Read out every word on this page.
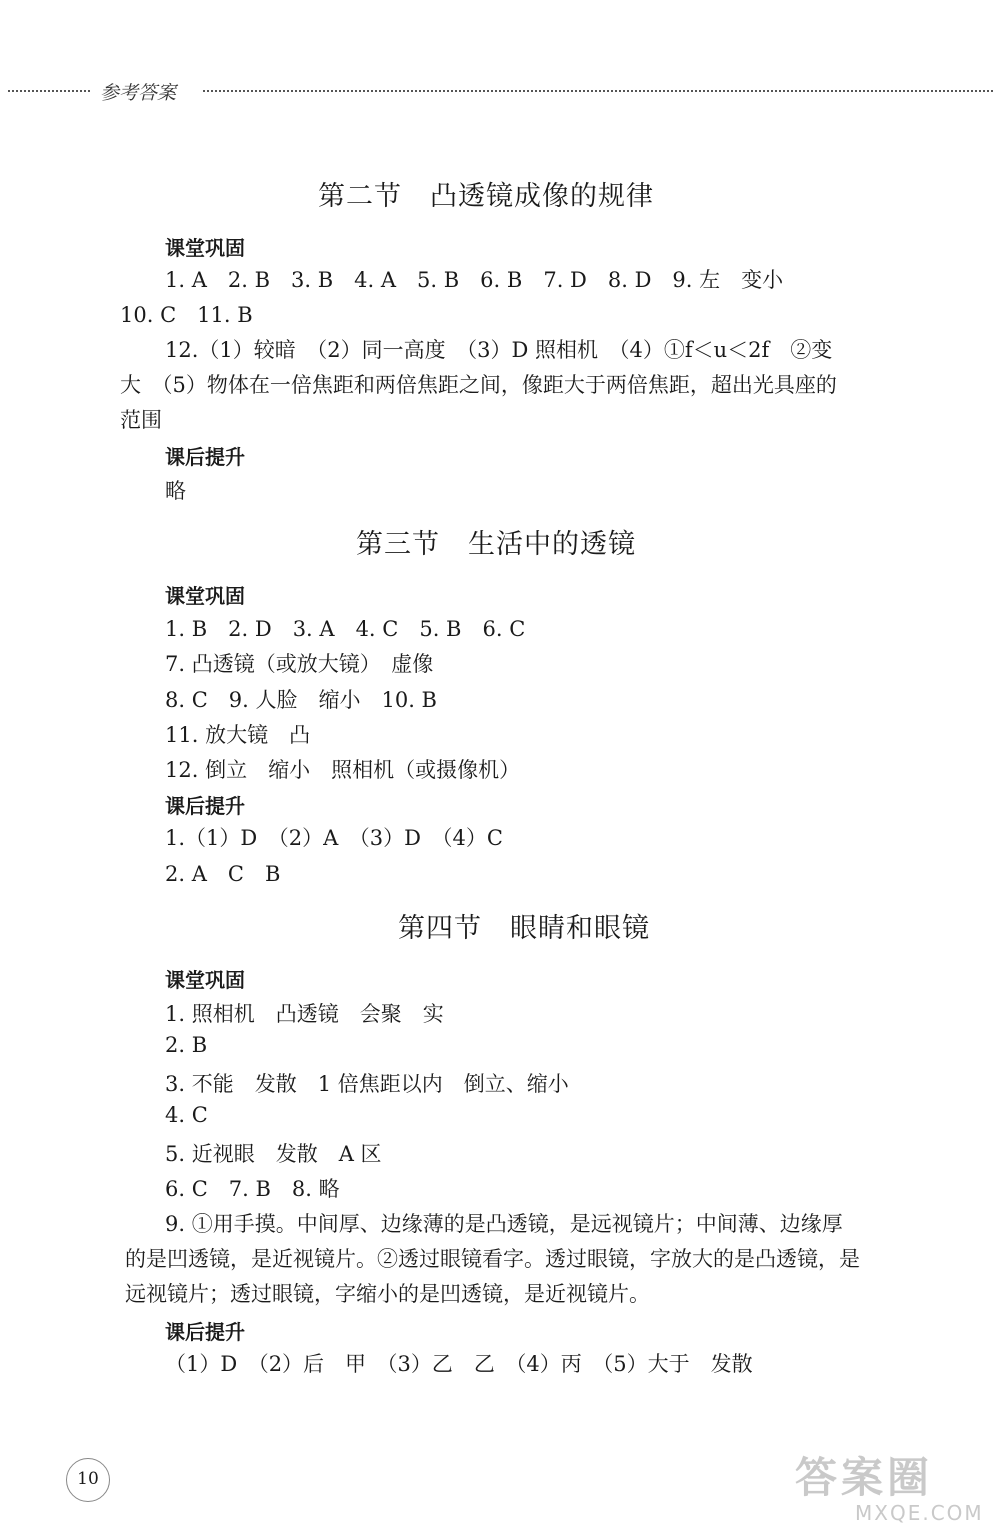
参考答案
第二节　凸透镜成像的规律
课堂巩固
1. A　2. B　3. B　4. A　5. B　6. B　7. D　8. D　9. 左　变小
10. C　11. B
12.（1）较暗　（2）同一高度　（3）D 照相机　（4）①f＜u＜2f　②变
大　（5）物体在一倍焦距和两倍焦距之间，像距大于两倍焦距，超出光具座的
范围
课后提升
略
第三节　生活中的透镜
课堂巩固
1. B　2. D　3. A　4. C　5. B　6. C
7. 凸透镜（或放大镜）　虚像
8. C　9. 人脸　缩小　10. B
11. 放大镜　凸
12. 倒立　缩小　照相机（或摄像机）
课后提升
1.（1）D　（2）A　（3）D　（4）C
2. A　C　B
第四节　眼睛和眼镜
课堂巩固
1. 照相机　凸透镜　会聚　实
2. B
3. 不能　发散　1 倍焦距以内　倒立、缩小
4. C
5. 近视眼　发散　A 区
6. C　7. B　8. 略
9. ①用手摸。中间厚、边缘薄的是凸透镜，是远视镜片；中间薄、边缘厚
的是凹透镜，是近视镜片。②透过眼镜看字。透过眼镜，字放大的是凸透镜，是
远视镜片；透过眼镜，字缩小的是凹透镜，是近视镜片。
课后提升
（1）D　（2）后　甲　（3）乙　乙　（4）丙　（5）大于　发散
10	答案圈
MXQE.COM
